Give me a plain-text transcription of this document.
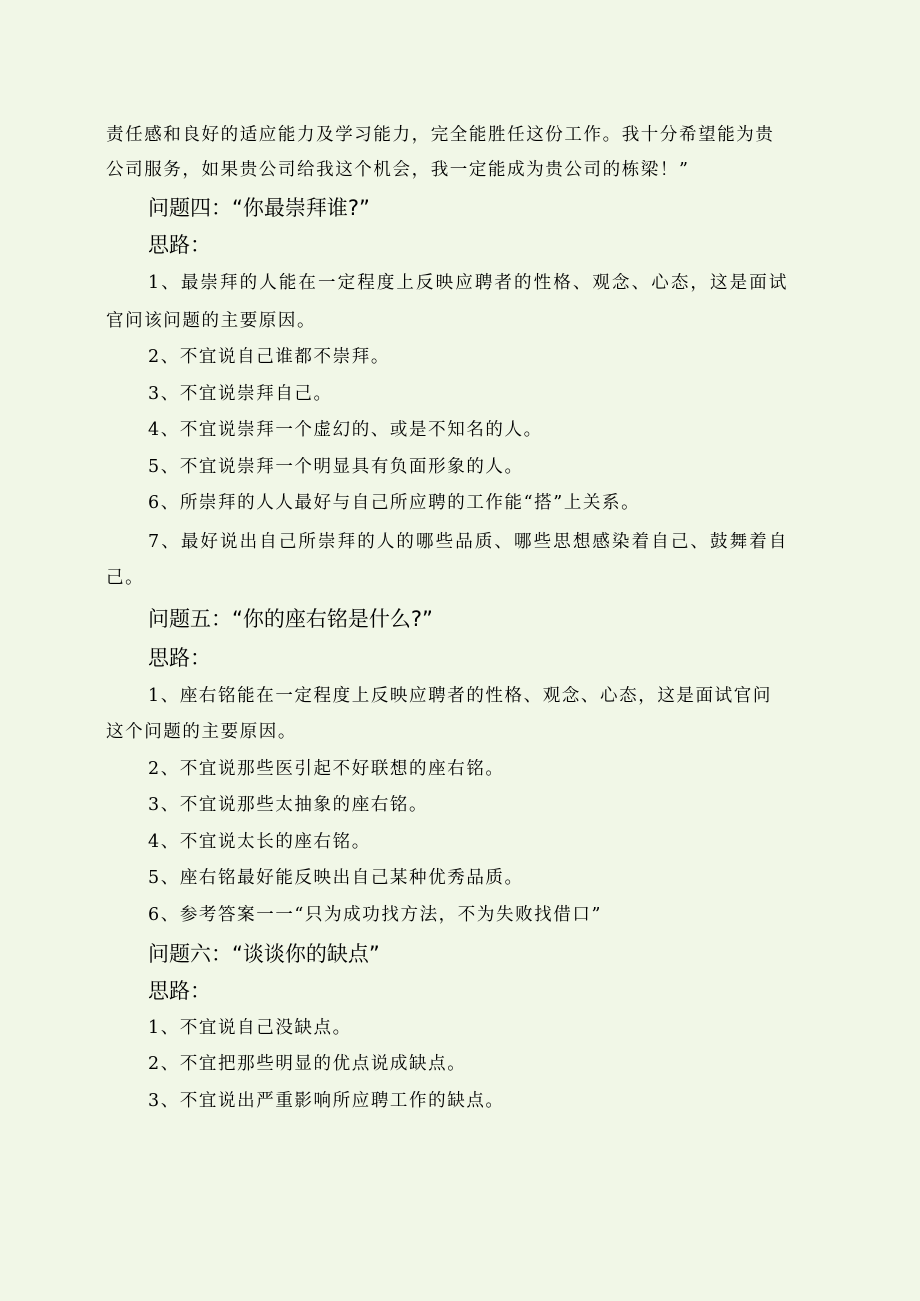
责任感和良好的适应能力及学习能力，完全能胜任这份工作。我十分希望能为贵
公司服务，如果贵公司给我这个机会，我一定能成为贵公司的栋梁！”
问题四：“你最崇拜谁?”
思路：
1、最崇拜的人能在一定程度上反映应聘者的性格、观念、心态，这是面试
官问该问题的主要原因。
2、不宜说自己谁都不崇拜。
3、不宜说崇拜自己。
4、不宜说崇拜一个虚幻的、或是不知名的人。
5、不宜说崇拜一个明显具有负面形象的人。
6、所崇拜的人人最好与自己所应聘的工作能“搭”上关系。
7、最好说出自己所崇拜的人的哪些品质、哪些思想感染着自己、鼓舞着自
己。
问题五：“你的座右铭是什么?”
思路：
1、座右铭能在一定程度上反映应聘者的性格、观念、心态，这是面试官问
这个问题的主要原因。
2、不宜说那些医引起不好联想的座右铭。
3、不宜说那些太抽象的座右铭。
4、不宜说太长的座右铭。
5、座右铭最好能反映出自己某种优秀品质。
6、参考答案一一“只为成功找方法，不为失败找借口”
问题六：“谈谈你的缺点”
思路：
1、不宜说自己没缺点。
2、不宜把那些明显的优点说成缺点。
3、不宜说出严重影响所应聘工作的缺点。
